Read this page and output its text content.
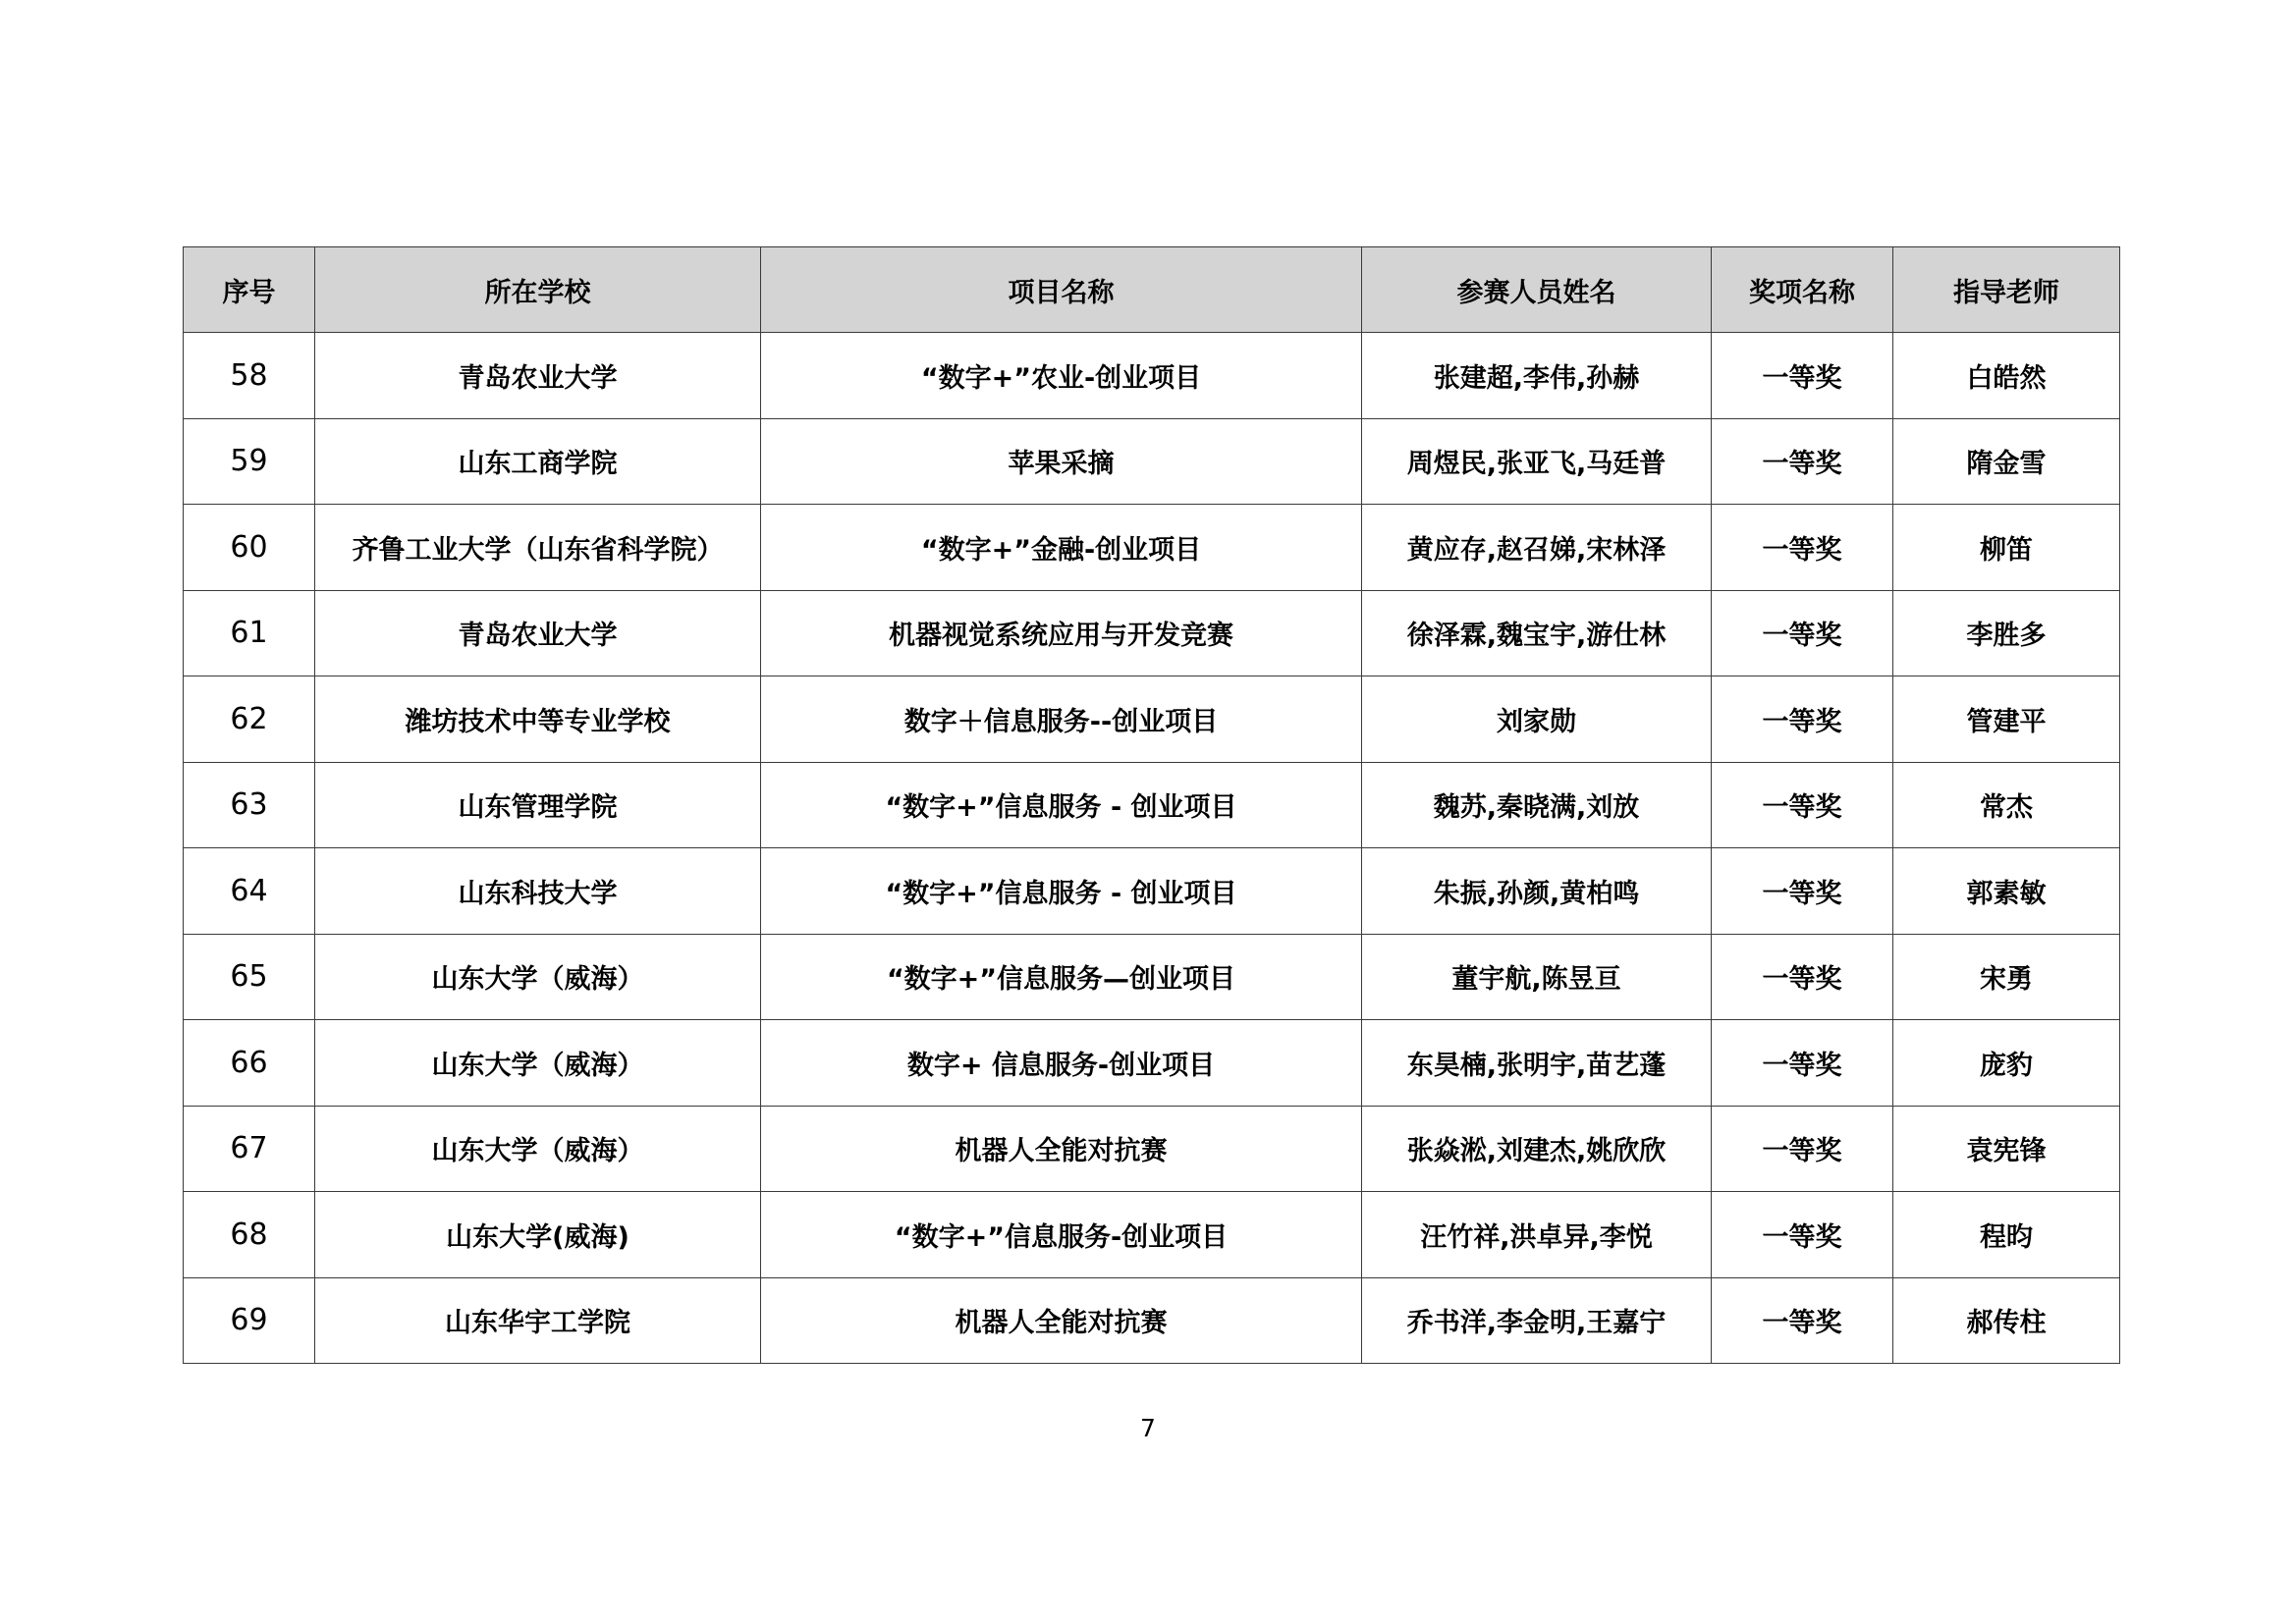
序号	所在学校	项目名称	参赛人员姓名	奖项名称	指导老师
58	青岛农业大学	“数字+”农业-创业项目	张建超,李伟,孙赫	一等奖	白皓然
59	山东工商学院	苹果采摘	周煜民,张亚飞,马廷普	一等奖	隋金雪
60	齐鲁工业大学（山东省科学院）	“数字+”金融-创业项目	黄应存,赵召娣,宋林泽	一等奖	柳笛
61	青岛农业大学	机器视觉系统应用与开发竞赛	徐泽霖,魏宝宇,游仕林	一等奖	李胜多
62	潍坊技术中等专业学校	数字＋信息服务--创业项目	刘家勋	一等奖	管建平
63	山东管理学院	“数字+”信息服务 - 创业项目	魏苏,秦晓满,刘放	一等奖	常杰
64	山东科技大学	“数字+”信息服务 - 创业项目	朱振,孙颜,黄柏鸣	一等奖	郭素敏
65	山东大学（威海）	“数字+”信息服务—创业项目	董宇航,陈昱亘	一等奖	宋勇
66	山东大学（威海）	数字+ 信息服务-创业项目	东昊楠,张明宇,苗艺蓬	一等奖	庞豹
67	山东大学（威海）	机器人全能对抗赛	张焱淞,刘建杰,姚欣欣	一等奖	袁宪锋
68	山东大学(威海)	“数字+”信息服务-创业项目	汪竹祥,洪卓异,李悦	一等奖	程昀
69	山东华宇工学院	机器人全能对抗赛	乔书洋,李金明,王嘉宁	一等奖	郝传柱
7
